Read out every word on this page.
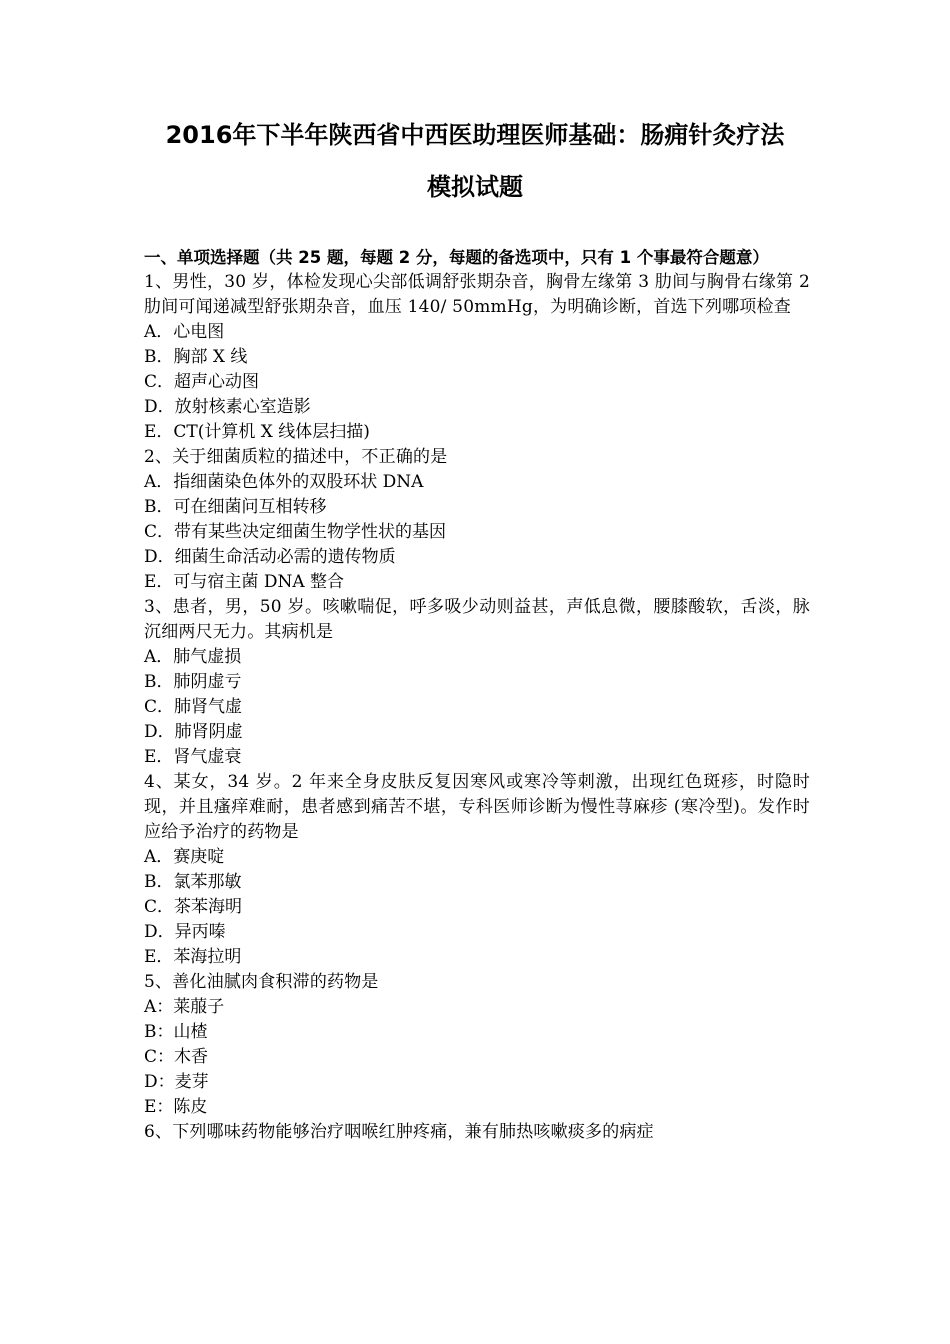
2016年下半年陕西省中西医助理医师基础：肠痈针灸疗法
模拟试题

一、单项选择题（共 25 题，每题 2 分，每题的备选项中，只有 1 个事最符合题意）

1、男性，30 岁，体检发现心尖部低调舒张期杂音，胸骨左缘第 3 肋间与胸骨右缘第 2 肋间可闻递减型舒张期杂音，血压 140/ 50mmHg，为明确诊断，首选下列哪项检查

A．心电图

B．胸部 X 线

C．超声心动图

D．放射核素心室造影

E．CT(计算机 X 线体层扫描)

2、关于细菌质粒的描述中，不正确的是

A．指细菌染色体外的双股环状 DNA

B．可在细菌问互相转移

C．带有某些决定细菌生物学性状的基因

D．细菌生命活动必需的遗传物质

E．可与宿主菌 DNA 整合

3、患者，男，50 岁。咳嗽喘促，呼多吸少动则益甚，声低息微，腰膝酸软，舌淡，脉沉细两尺无力。其病机是

A．肺气虚损

B．肺阴虚亏

C．肺肾气虚

D．肺肾阴虚

E．肾气虚衰

4、某女，34 岁。2 年来全身皮肤反复因寒风或寒冷等刺激，出现红色斑疹，时隐时现，并且瘙痒难耐，患者感到痛苦不堪，专科医师诊断为慢性荨麻疹 (寒冷型)。发作时应给予治疗的药物是

A．赛庚啶

B．氯苯那敏

C．茶苯海明

D．异丙嗪

E．苯海拉明

5、善化油腻肉食积滞的药物是

A：莱菔子

B：山楂

C：木香

D：麦芽

E：陈皮

6、下列哪味药物能够治疗咽喉红肿疼痛，兼有肺热咳嗽痰多的病症
